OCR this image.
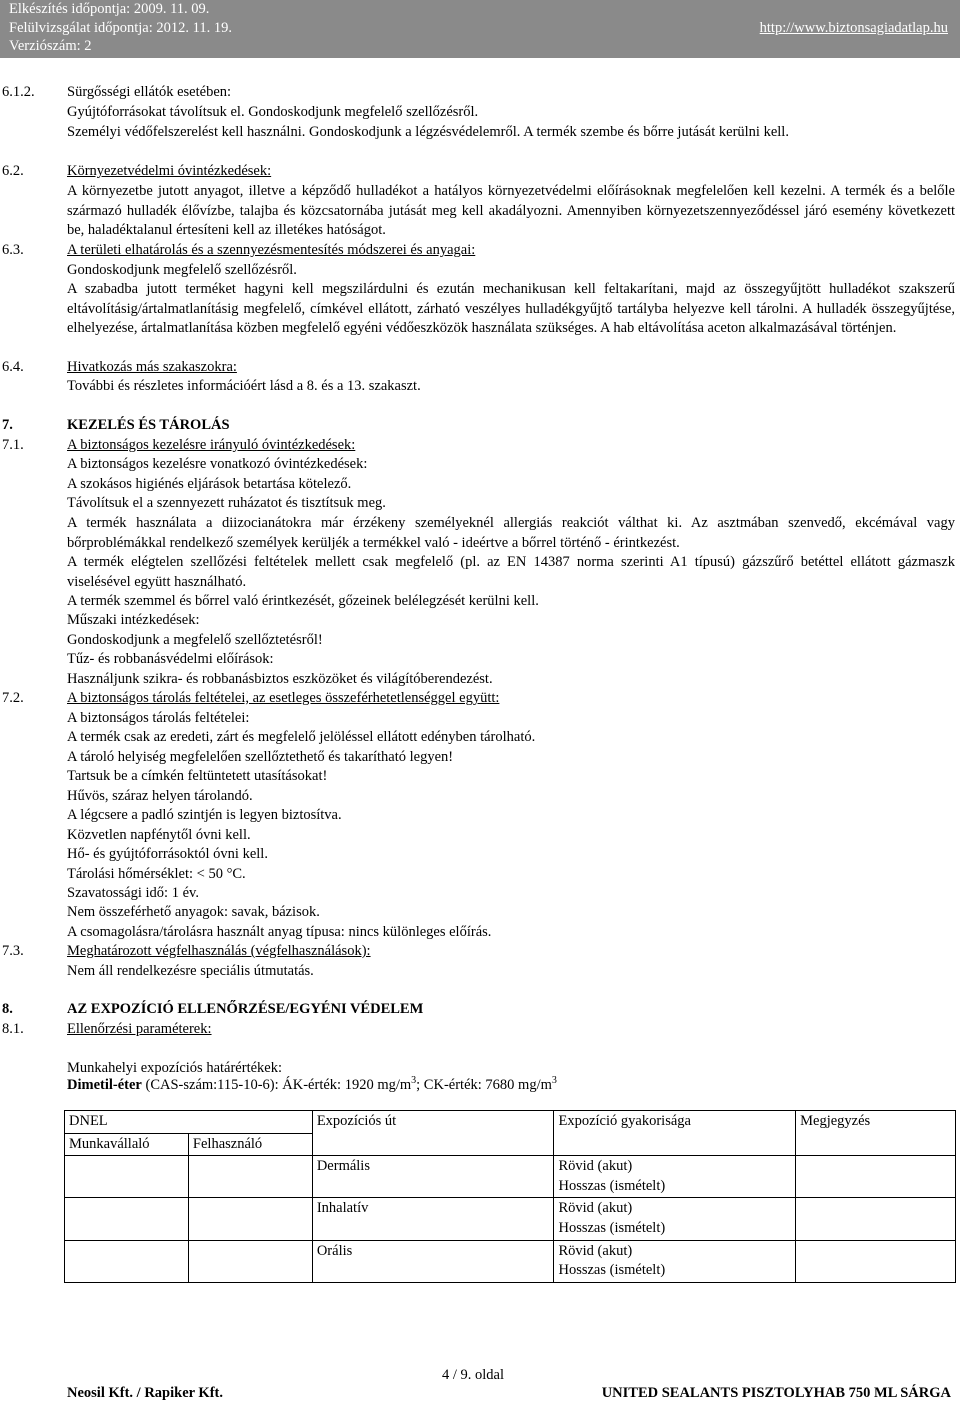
Elkészítés időpontja: 2009. 11. 09.
Felülvizsgálat időpontja: 2012. 11. 19.
Verziószám: 2
http://www.biztonsagiadatlap.hu
6.1.2. Sürgősségi ellátók esetében:
Gyújtóforrásokat távolítsuk el. Gondoskodjunk megfelelő szellőzésről.
Személyi védőfelszerelést kell használni. Gondoskodjunk a légzésvédelemről. A termék szembe és bőrre jutását kerülni kell.
6.2.	Környezetvédelmi óvintézkedések:
A környezetbe jutott anyagot, illetve a képződő hulladékot a hatályos környezetvédelmi előírásoknak megfelelően kell kezelni. A termék és a belőle származó hulladék élővízbe, talajba és közcsatornába jutását meg kell akadályozni. Amennyiben környezetszennyeződéssel járó esemény következett be, haladéktalanul értesíteni kell az illetékes hatóságot.
6.3.	A területi elhatárolás és a szennyezésmentesítés módszerei és anyagai:
Gondoskodjunk megfelelő szellőzésről.
A szabadba jutott terméket hagyni kell megszilárdulni és ezután mechanikusan kell feltakarítani, majd az összegyűjtött hulladékot szakszerű eltávolításig/ártalmatlanításig megfelelő, címkével ellátott, zárható veszélyes hulladékgyűjtő tartályba helyezve kell tárolni. A hulladék összegyűjtése, elhelyezése, ártalmatlanítása közben megfelelő egyéni védőeszközök használata szükséges. A hab eltávolítása aceton alkalmazásával történjen.
6.4.	Hivatkozás más szakaszokra:
További és részletes információért lásd a 8. és a 13. szakaszt.
7.	KEZELÉS ÉS TÁROLÁS
7.1.	A biztonságos kezelésre irányuló óvintézkedések:
A biztonságos kezelésre vonatkozó óvintézkedések:
A szokásos higiénés eljárások betartása kötelező.
Távolítsuk el a szennyezett ruházatot és tisztítsuk meg.
A termék használata a diizocianátokra már érzékeny személyeknél allergiás reakciót válthat ki. Az asztmában szenvedő, ekcémával vagy bőrproblémákkal rendelkező személyek kerüljék a termékkel való - ideértve a bőrrel történő - érintkezést.
A termék elégtelen szellőzési feltételek mellett csak megfelelő (pl. az EN 14387 norma szerinti A1 típusú) gázszűrő betéttel ellátott gázmaszk viselésével együtt használható.
A termék szemmel és bőrrel való érintkezését, gőzeinek belélegzését kerülni kell.
Műszaki intézkedések:
Gondoskodjunk a megfelelő szellőztetésről!
Tűz- és robbanásvédelmi előírások:
Használjunk szikra- és robbanásbiztos eszközöket és világítóberendezést.
7.2.	A biztonságos tárolás feltételei, az esetleges összeférhetetlenséggel együtt:
A biztonságos tárolás feltételei:
A termék csak az eredeti, zárt és megfelelő jelöléssel ellátott edényben tárolható.
A tároló helyiség megfelelően szellőztethető és takarítható legyen!
Tartsuk be a címkén feltüntetett utasításokat!
Hűvös, száraz helyen tárolandó.
A légcsere a padló szintjén is legyen biztosítva.
Közvetlen napfénytől óvni kell.
Hő- és gyújtóforrásoktól óvni kell.
Tárolási hőmérséklet: < 50 °C.
Szavatossági idő: 1 év.
Nem összeférhető anyagok: savak, bázisok.
A csomagolásra/tárolásra használt anyag típusa: nincs különleges előírás.
7.3.	Meghatározott végfelhasználás (végfelhasználások):
Nem áll rendelkezésre speciális útmutatás.
8.	AZ EXPOZÍCIÓ ELLENŐRZÉSE/EGYÉNI VÉDELEM
8.1.	Ellenőrzési paraméterek:
Munkahelyi expozíciós határértékek:
Dimetil-éter (CAS-szám:115-10-6): ÁK-érték: 1920 $mg/m^3$; CK-érték: 7680 $mg/m^3$
DNEL		Expozíciós út	Expozíció gyakorisága	Megjegyzés
Munkavállaló	Felhasználó			
		Dermális	Rövid (akut)
Hosszas (ismételt)	

		Inhalatív	Rövid (akut)
Hosszas (ismételt)	

		Orális	Rövid (akut)
Hosszas (ismételt)	

4 / 9. oldal
Neosil Kft. / Rapiker Kft.	UNITED SEALANTS PISZTOLYHAB 750 ML SÁRGA
